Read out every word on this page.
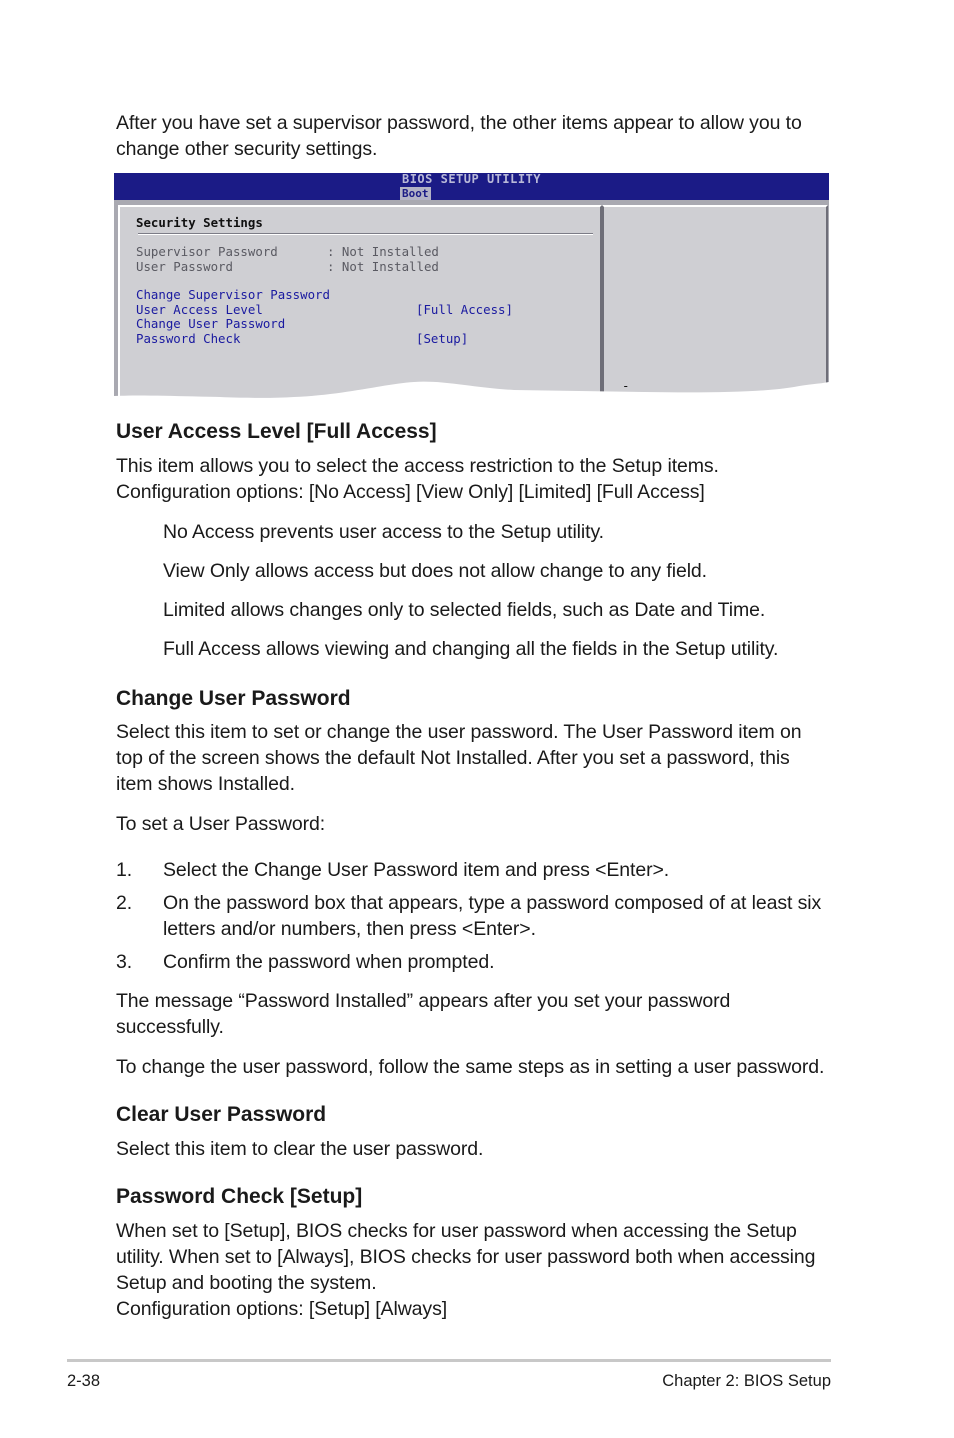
After you have set a supervisor password, the other items appear to allow you to
change other security settings.
BIOS SETUP UTILITY
Boot
Security Settings
Supervisor Password	: Not Installed
User Password	: Not Installed
Change Supervisor Password
User Access Level	[Full Access]
Change User Password
Password Check	[Setup]
-
User Access Level [Full Access]
This item allows you to select the access restriction to the Setup items.
Configuration options: [No Access] [View Only] [Limited] [Full Access]
No Access prevents user access to the Setup utility.
View Only allows access but does not allow change to any field.
Limited allows changes only to selected fields, such as Date and Time.
Full Access allows viewing and changing all the fields in the Setup utility.
Change User Password
Select this item to set or change the user password. The User Password item on
top of the screen shows the default Not Installed. After you set a password, this
item shows Installed.
To set a User Password:
1. Select the Change User Password item and press <Enter>.
2. On the password box that appears, type a password composed of at least six
letters and/or numbers, then press <Enter>.
3. Confirm the password when prompted.
The message “Password Installed” appears after you set your password
successfully.
To change the user password, follow the same steps as in setting a user password.
Clear User Password
Select this item to clear the user password.
Password Check [Setup]
When set to [Setup], BIOS checks for user password when accessing the Setup
utility. When set to [Always], BIOS checks for user password both when accessing
Setup and booting the system.
Configuration options: [Setup] [Always]
2-38	Chapter 2: BIOS Setup
